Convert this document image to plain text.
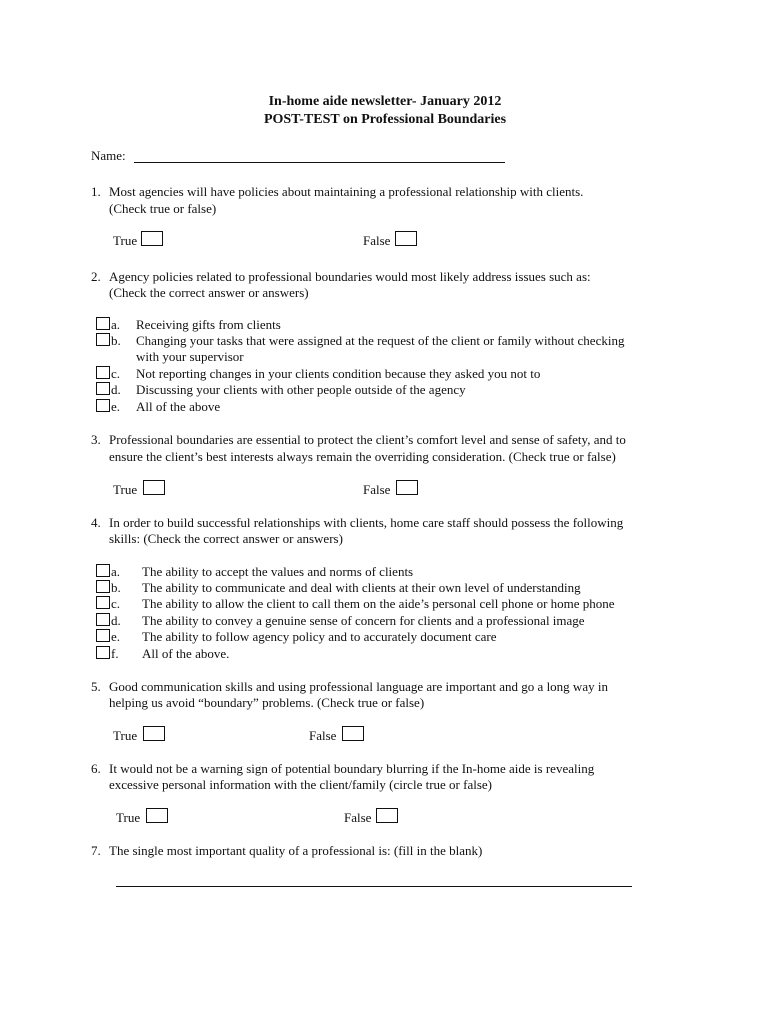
In-home aide newsletter- January 2012
POST-TEST on Professional Boundaries
Name:
1. Most agencies will have policies about maintaining a professional relationship with clients.
(Check true or false)
True	False
2. Agency policies related to professional boundaries would most likely address issues such as:
(Check the correct answer or answers)
a. Receiving gifts from clients
b. Changing your tasks that were assigned at the request of the client or family without checking
with your supervisor
c. Not reporting changes in your clients condition because they asked you not to
d. Discussing your clients with other people outside of the agency
e. All of the above
3. Professional boundaries are essential to protect the client’s comfort level and sense of safety, and to
ensure the client’s best interests always remain the overriding consideration. (Check true or false)
True	False
4. In order to build successful relationships with clients, home care staff should possess the following
skills: (Check the correct answer or answers)
a. The ability to accept the values and norms of clients
b. The ability to communicate and deal with clients at their own level of understanding
c. The ability to allow the client to call them on the aide’s personal cell phone or home phone
d. The ability to convey a genuine sense of concern for clients and a professional image
e. The ability to follow agency policy and to accurately document care
f. All of the above.
5. Good communication skills and using professional language are important and go a long way in
helping us avoid “boundary” problems. (Check true or false)
True	False
6. It would not be a warning sign of potential boundary blurring if the In-home aide is revealing
excessive personal information with the client/family (circle true or false)
True	False
7. The single most important quality of a professional is: (fill in the blank)
